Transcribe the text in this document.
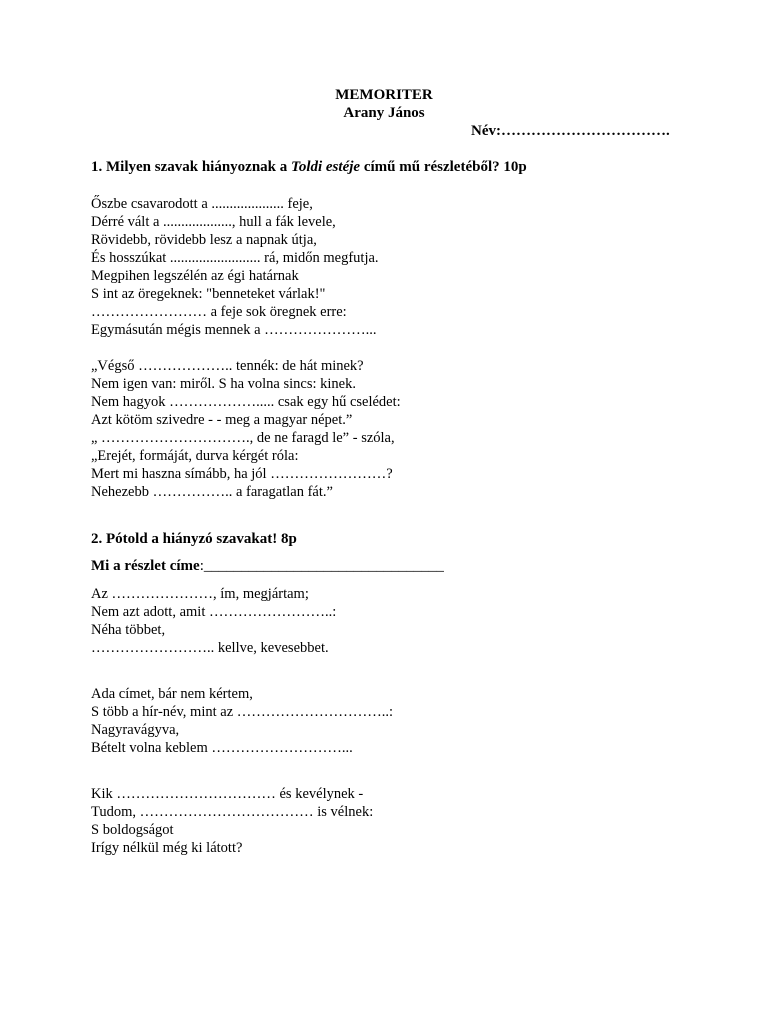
MEMORITER
Arany János
Név:…………………………….
1. Milyen szavak hiányoznak a Toldi estéje című mű részletéből? 10p
Őszbe csavarodott a .................... feje,
Dérré vált a ..................., hull a fák levele,
Rövidebb, rövidebb lesz a napnak útja,
És hosszúkat ......................... rá, midőn megfutja.
Megpihen legszélén az égi határnak
S int az öregeknek: "benneteket várlak!"
…………………… a feje sok öregnek erre:
Egymásután mégis mennek a …………………...
„Végső ……………….. tennék: de hát minek?
Nem igen van: miről. S ha volna sincs: kinek.
Nem hagyok ………………..... csak egy hű cselédet:
Azt kötöm szivedre - - meg a magyar népet.”
„ …………………………., de ne faragd le” - szóla,
„Erejét, formáját, durva kérgét róla:
Mert mi haszna símább, ha jól ……………………?
Nehezebb …………….. a faragatlan fát.”
2. Pótold a hiányzó szavakat! 8p
Mi a részlet címe:________________________________
Az …………………, ím, megjártam;
Nem azt adott, amit ……………………..:
Néha többet,
…………………….. kellve, kevesebbet.
Ada címet, bár nem kértem,
S több a hír-név, mint az …………………………..:
Nagyravágyva,
Bételt volna keblem ………………………...
Kik …………………………… és kevélynek -
Tudom, ……………………………… is vélnek:
S boldogságot
Irígy nélkül még ki látott?
